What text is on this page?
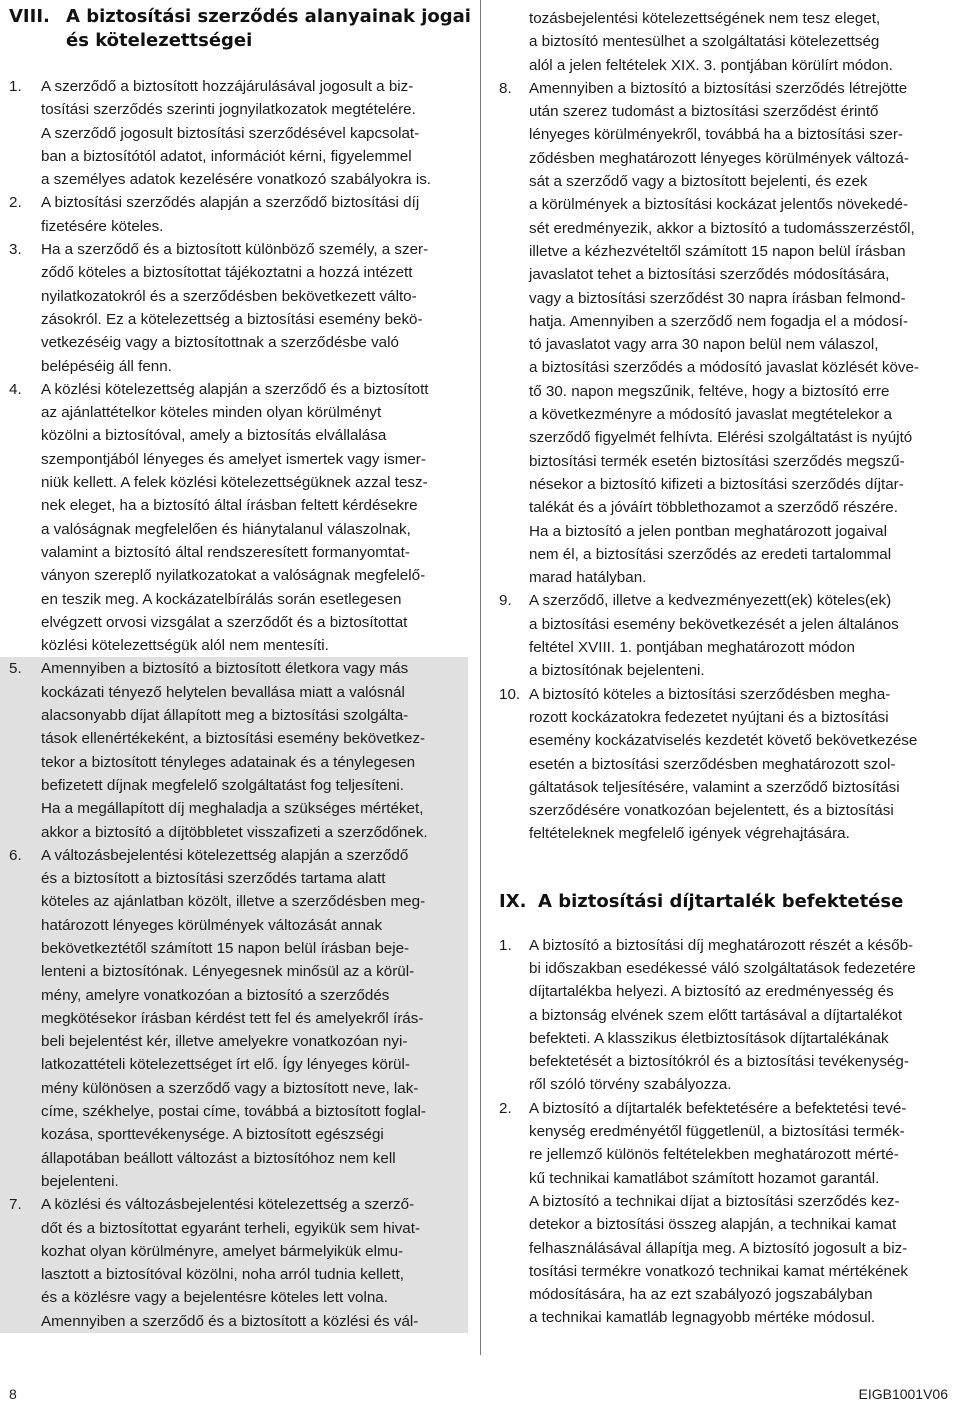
VIII. A biztosítási szerződés alanyainak jogai
és kötelezettségei
1. A szerződő a biztosított hozzájárulásával jogosult a biz-
tosítási szerződés szerinti jognyilatkozatok megtételére.
A szerződő jogosult biztosítási szerződésével kapcsolat-
ban a biztosítótól adatot, információt kérni, figyelemmel
a személyes adatok kezelésére vonatkozó szabályokra is.
2. A biztosítási szerződés alapján a szerződő biztosítási díj
fizetésére köteles.
3. Ha a szerződő és a biztosított különböző személy, a szer-
ződő köteles a biztosítottat tájékoztatni a hozzá intézett
nyilatkozatokról és a szerződésben bekövetkezett válto-
zásokról. Ez a kötelezettség a biztosítási esemény bekö-
vetkezéséig vagy a biztosítottnak a szerződésbe való
belépéséig áll fenn.
4. A közlési kötelezettség alapján a szerződő és a biztosított
az ajánlattételkor köteles minden olyan körülményt
közölni a biztosítóval, amely a biztosítás elvállalása
szempontjából lényeges és amelyet ismertek vagy ismer-
niük kellett. A felek közlési kötelezettségüknek azzal tesz-
nek eleget, ha a biztosító által írásban feltett kérdésekre
a valóságnak megfelelően és hiánytalanul válaszolnak,
valamint a biztosító által rendszeresített formanyomtat-
ványon szereplő nyilatkozatokat a valóságnak megfelelő-
en teszik meg. A kockázatelbírálás során esetlegesen
elvégzett orvosi vizsgálat a szerződőt és a biztosítottat
közlési kötelezettségük alól nem mentesíti.
5. Amennyiben a biztosító a biztosított életkora vagy más
kockázati tényező helytelen bevallása miatt a valósnál
alacsonyabb díjat állapított meg a biztosítási szolgálta-
tások ellenértékeként, a biztosítási esemény bekövetkez-
tekor a biztosított tényleges adatainak és a ténylegesen
befizetett díjnak megfelelő szolgáltatást fog teljesíteni.
Ha a megállapított díj meghaladja a szükséges mértéket,
akkor a biztosító a díjtöbbletet visszafizeti a szerződőnek.
6. A változásbejelentési kötelezettség alapján a szerződő
és a biztosított a biztosítási szerződés tartama alatt
köteles az ajánlatban közölt, illetve a szerződésben meg-
határozott lényeges körülmények változását annak
bekövetkeztétől számított 15 napon belül írásban beje-
lenteni a biztosítónak. Lényegesnek minősül az a körül-
mény, amelyre vonatkozóan a biztosító a szerződés
megkötésekor írásban kérdést tett fel és amelyekről írás-
beli bejelentést kér, illetve amelyekre vonatkozóan nyi-
latkozattételi kötelezettséget írt elő. Így lényeges körül-
mény különösen a szerződő vagy a biztosított neve, lak-
címe, székhelye, postai címe, továbbá a biztosított foglal-
kozása, sporttevékenysége. A biztosított egészségi
állapotában beállott változást a biztosítóhoz nem kell
bejelenteni.
7. A közlési és változásbejelentési kötelezettség a szerző-
dőt és a biztosítottat egyaránt terheli, egyikük sem hivat-
kozhat olyan körülményre, amelyet bármelyikük elmu-
lasztott a biztosítóval közölni, noha arról tudnia kellett,
és a közlésre vagy a bejelentésre köteles lett volna.
Amennyiben a szerződő és a biztosított a közlési és vál-
tozásbejelentési kötelezettségének nem tesz eleget,
a biztosító mentesülhet a szolgáltatási kötelezettség
alól a jelen feltételek XIX. 3. pontjában körülírt módon.
8. Amennyiben a biztosító a biztosítási szerződés létrejötte
után szerez tudomást a biztosítási szerződést érintő
lényeges körülményekről, továbbá ha a biztosítási szer-
ződésben meghatározott lényeges körülmények változá-
sát a szerződő vagy a biztosított bejelenti, és ezek
a körülmények a biztosítási kockázat jelentős növekedé-
sét eredményezik, akkor a biztosító a tudomásszerzéstől,
illetve a kézhezvételtől számított 15 napon belül írásban
javaslatot tehet a biztosítási szerződés módosítására,
vagy a biztosítási szerződést 30 napra írásban felmond-
hatja. Amennyiben a szerződő nem fogadja el a módosí-
tó javaslatot vagy arra 30 napon belül nem válaszol,
a biztosítási szerződés a módosító javaslat közlését köve-
tő 30. napon megszűnik, feltéve, hogy a biztosító erre
a következményre a módosító javaslat megtételekor a
szerződő figyelmét felhívta. Elérési szolgáltatást is nyújtó
biztosítási termék esetén biztosítási szerződés megszű-
nésekor a biztosító kifizeti a biztosítási szerződés díjtar-
talékát és a jóváírt többlethozamot a szerződő részére.
Ha a biztosító a jelen pontban meghatározott jogaival
nem él, a biztosítási szerződés az eredeti tartalommal
marad hatályban.
9. A szerződő, illetve a kedvezményezett(ek) köteles(ek)
a biztosítási esemény bekövetkezését a jelen általános
feltétel XVIII. 1. pontjában meghatározott módon
a biztosítónak bejelenteni.
10. A biztosító köteles a biztosítási szerződésben megha-
rozott kockázatokra fedezetet nyújtani és a biztosítási
esemény kockázatviselés kezdetét követő bekövetkezése
esetén a biztosítási szerződésben meghatározott szol-
gáltatások teljesítésére, valamint a szerződő biztosítási
szerződésére vonatkozóan bejelentett, és a biztosítási
feltételeknek megfelelő igények végrehajtására.
IX. A biztosítási díjtartalék befektetése
1. A biztosító a biztosítási díj meghatározott részét a későb-
bi időszakban esedékessé váló szolgáltatások fedezetére
díjtartalékba helyezi. A biztosító az eredményesség és
a biztonság elvének szem előtt tartásával a díjtartalékot
befekteti. A klasszikus életbiztosítások díjtartalékának
befektetését a biztosítókról és a biztosítási tevékenység-
ről szóló törvény szabályozza.
2. A biztosító a díjtartalék befektetésére a befektetési tevé-
kenység eredményétől függetlenül, a biztosítási termék-
re jellemző különös feltételekben meghatározott mérté-
kű technikai kamatlábot számított hozamot garantál.
A biztosító a technikai díjat a biztosítási szerződés kez-
detekor a biztosítási összeg alapján, a technikai kamat
felhasználásával állapítja meg. A biztosító jogosult a biz-
tosítási termékre vonatkozó technikai kamat mértékének
módosítására, ha az ezt szabályozó jogszabályban
a technikai kamatláb legnagyobb mértéke módosul.
8	EIGB1001V06
